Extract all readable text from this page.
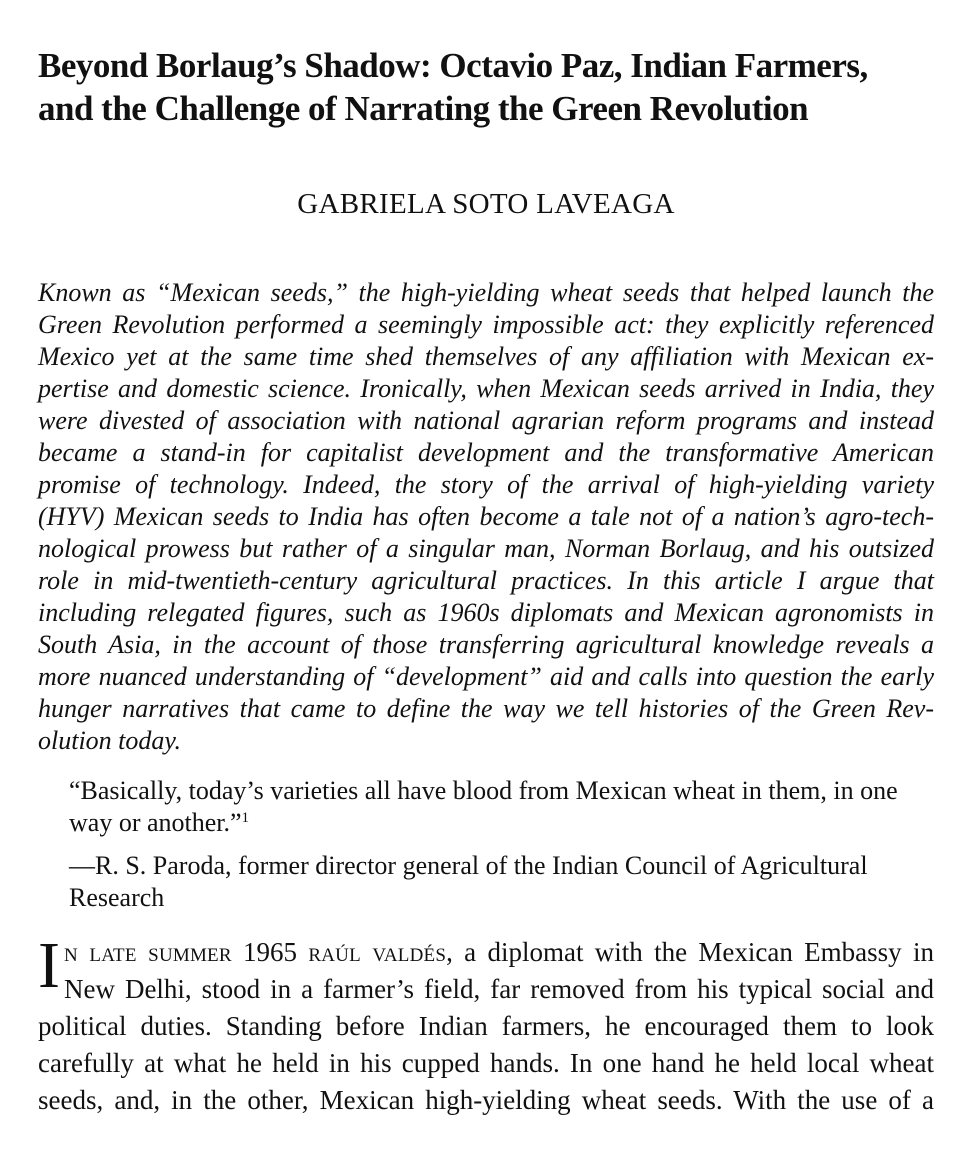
Beyond Borlaug’s Shadow: Octavio Paz, Indian Farmers,
and the Challenge of Narrating the Green Revolution
GABRIELA SOTO LAVEAGA
Known as “Mexican seeds,” the high-yielding wheat seeds that helped launch the
Green Revolution performed a seemingly impossible act: they explicitly referenced
Mexico yet at the same time shed themselves of any affiliation with Mexican ex-
pertise and domestic science. Ironically, when Mexican seeds arrived in India, they
were divested of association with national agrarian reform programs and instead
became a stand-in for capitalist development and the transformative American
promise of technology. Indeed, the story of the arrival of high-yielding variety
(HYV) Mexican seeds to India has often become a tale not of a nation’s agro-tech-
nological prowess but rather of a singular man, Norman Borlaug, and his outsized
role in mid-twentieth-century agricultural practices. In this article I argue that
including relegated figures, such as 1960s diplomats and Mexican agronomists in
South Asia, in the account of those transferring agricultural knowledge reveals a
more nuanced understanding of “development” aid and calls into question the early
hunger narratives that came to define the way we tell histories of the Green Rev-
olution today.

“Basically, today’s varieties all have blood from Mexican wheat in them, in one way or another.”$^1$

—R. S. Paroda, former director general of the Indian Council of Agricultural Research

I n late summer 1965 raúl valdés, a diplomat with the Mexican Embassy in
New Delhi, stood in a farmer’s field, far removed from his typical social and
political duties. Standing before Indian farmers, he encouraged them to look
carefully at what he held in his cupped hands. In one hand he held local wheat
seeds, and, in the other, Mexican high-yielding wheat seeds. With the use of a
